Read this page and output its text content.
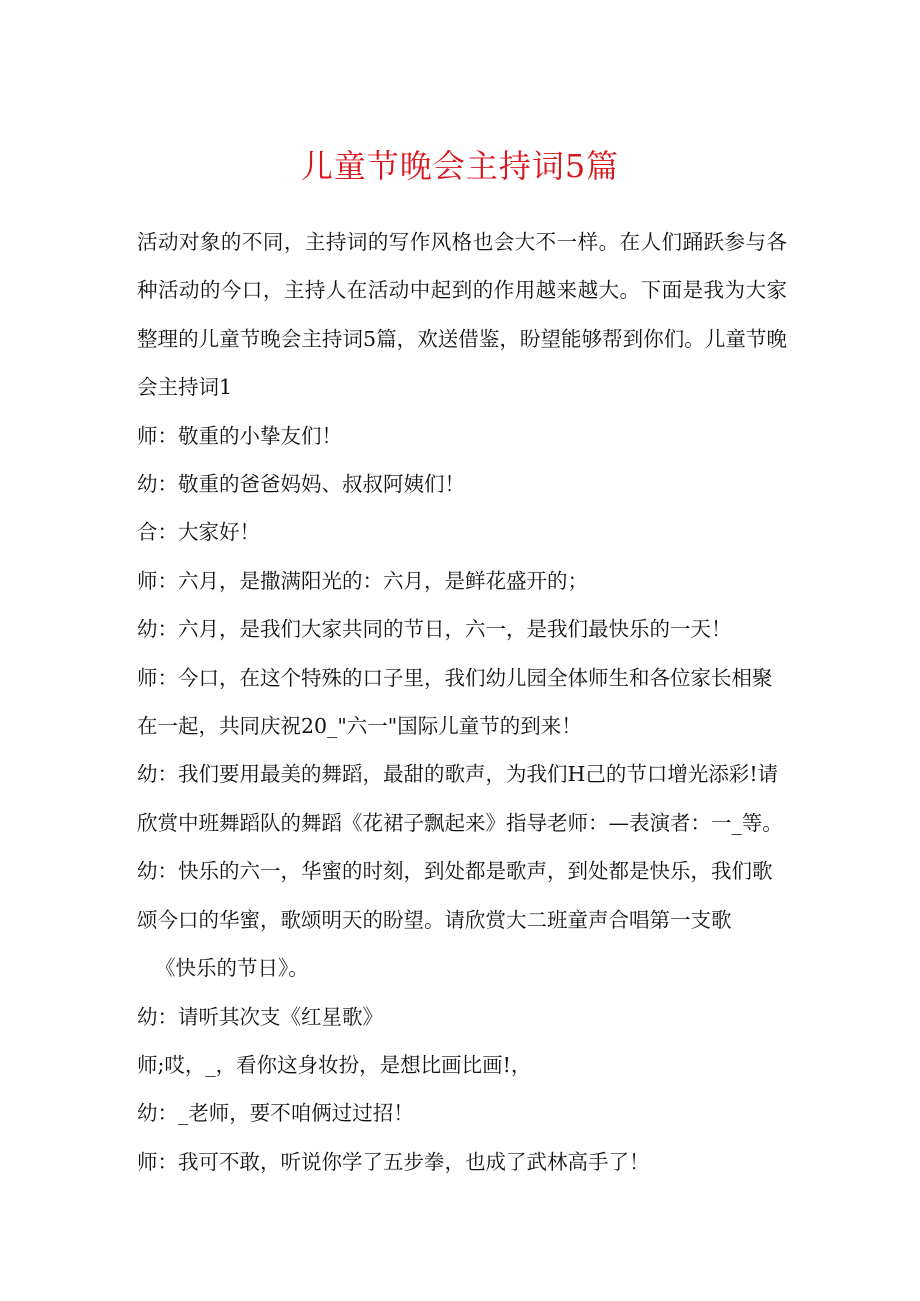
儿童节晚会主持词5篇

活动对象的不同，主持词的写作风格也会大不一样。在人们踊跃参与各种活动的今口，主持人在活动中起到的作用越来越大。下面是我为大家整理的儿童节晚会主持词5篇，欢送借鉴，盼望能够帮到你们。儿童节晚会主持词1

师：敬重的小挚友们！

幼：敬重的爸爸妈妈、叔叔阿姨们！

合：大家好！

师：六月，是撒满阳光的：六月，是鲜花盛开的；

幼：六月，是我们大家共同的节日，六一，是我们最快乐的一天！

师：今口，在这个特殊的口子里，我们幼儿园全体师生和各位家长相聚在一起，共同庆祝20_"六一"国际儿童节的到来！

幼：我们要用最美的舞蹈，最甜的歌声，为我们H己的节口增光添彩!请欣赏中班舞蹈队的舞蹈《花裙子飘起来》指导老师：—表演者：一_等。

幼：快乐的六一，华蜜的时刻，到处都是歌声，到处都是快乐，我们歌颂今口的华蜜，歌颂明天的盼望。请欣赏大二班童声合唱第一支歌

《快乐的节日》。

幼：请听其次支《红星歌》

师;哎，_，看你这身妆扮，是想比画比画!，

幼：_老师，要不咱俩过过招！

师：我可不敢，听说你学了五步拳，也成了武林高手了！
